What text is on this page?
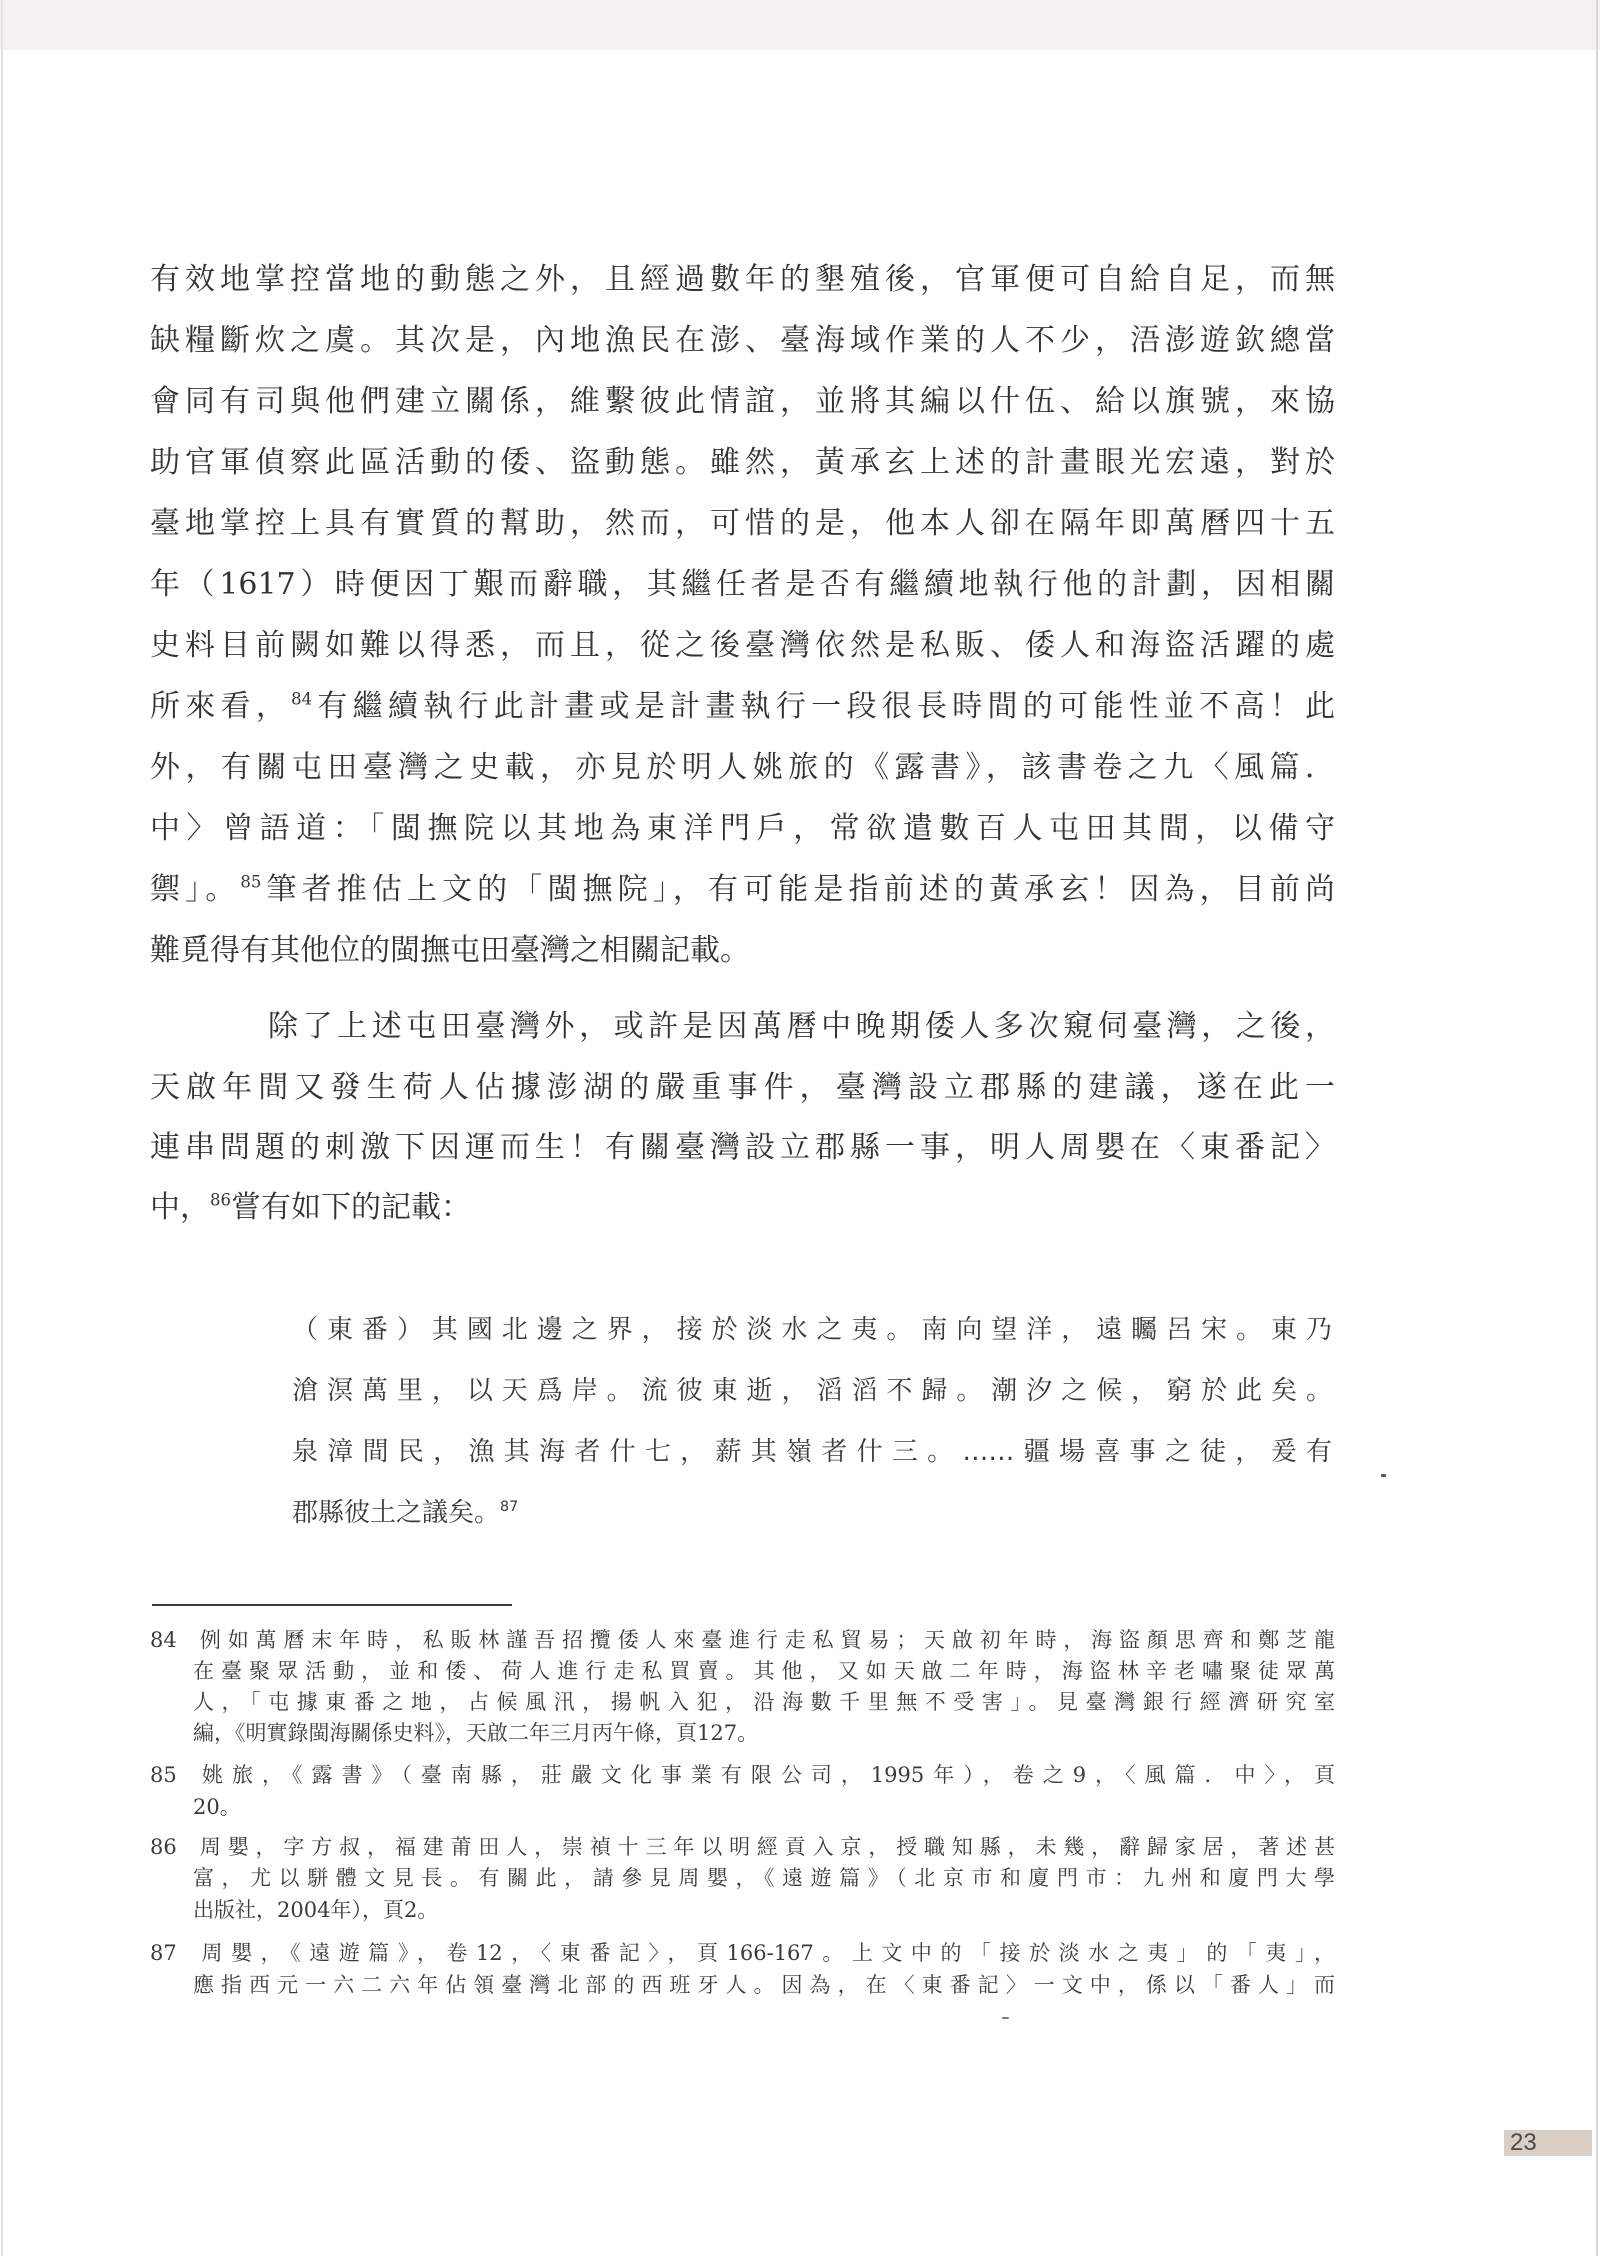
有效地掌控當地的動態之外，且經過數年的墾殖後，官軍便可自給自足，而無
缺糧斷炊之虞。其次是，內地漁民在澎、臺海域作業的人不少，浯澎遊欽總當
會同有司與他們建立關係，維繫彼此情誼，並將其編以什伍、給以旗號，來協
助官軍偵察此區活動的倭、盜動態。雖然，黃承玄上述的計畫眼光宏遠，對於
臺地掌控上具有實質的幫助，然而，可惜的是，他本人卻在隔年即萬曆四十五
年（1617）時便因丁艱而辭職，其繼任者是否有繼續地執行他的計劃，因相關
史料目前闕如難以得悉，而且，從之後臺灣依然是私販、倭人和海盜活躍的處
所來看，$^{84}$有繼續執行此計畫或是計畫執行一段很長時間的可能性並不高！此
外，有關屯田臺灣之史載，亦見於明人姚旅的《露書》，該書卷之九〈風篇．
中〉曾語道：「閩撫院以其地為東洋門戶，常欲遣數百人屯田其間，以備守
禦」。$^{85}$筆者推估上文的「閩撫院」，有可能是指前述的黃承玄！因為，目前尚
難覓得有其他位的閩撫屯田臺灣之相關記載。
除了上述屯田臺灣外，或許是因萬曆中晚期倭人多次窺伺臺灣，之後，
天啟年間又發生荷人佔據澎湖的嚴重事件，臺灣設立郡縣的建議，遂在此一
連串問題的刺激下因運而生！有關臺灣設立郡縣一事，明人周嬰在〈東番記〉
中，$^{86}$嘗有如下的記載：
（東番）其國北邊之界，接於淡水之夷。南向望洋，遠矚呂宋。東乃
滄溟萬里，以天爲岸。流彼東逝，滔滔不歸。潮汐之候，窮於此矣。
泉漳間民，漁其海者什七，薪其嶺者什三。……疆場喜事之徒，爰有
郡縣彼土之議矣。$^{87}$
84 例如萬曆末年時，私販林謹吾招攬倭人來臺進行走私貿易；天啟初年時，海盜顏思齊和鄭芝龍
在臺聚眾活動，並和倭、荷人進行走私買賣。其他，又如天啟二年時，海盜林辛老嘯聚徒眾萬
人，「屯據東番之地，占候風汛，揚帆入犯，沿海數千里無不受害」。見臺灣銀行經濟研究室
編，《明實錄閩海關係史料》，天啟二年三月丙午條，頁127。
85 姚旅，《露書》（臺南縣，莊嚴文化事業有限公司，1995年），卷之9，〈風篇．中〉，頁
20。
86 周嬰，字方叔，福建莆田人，崇禎十三年以明經貢入京，授職知縣，未幾，辭歸家居，著述甚
富，尤以駢體文見長。有關此，請參見周嬰，《遠遊篇》（北京市和廈門市：九州和廈門大學
出版社，2004年），頁2。
87 周嬰，《遠遊篇》，卷12，〈東番記〉，頁166-167。上文中的「接於淡水之夷」的「夷」，
應指西元一六二六年佔領臺灣北部的西班牙人。因為，在〈東番記〉一文中，係以「番人」而
23
